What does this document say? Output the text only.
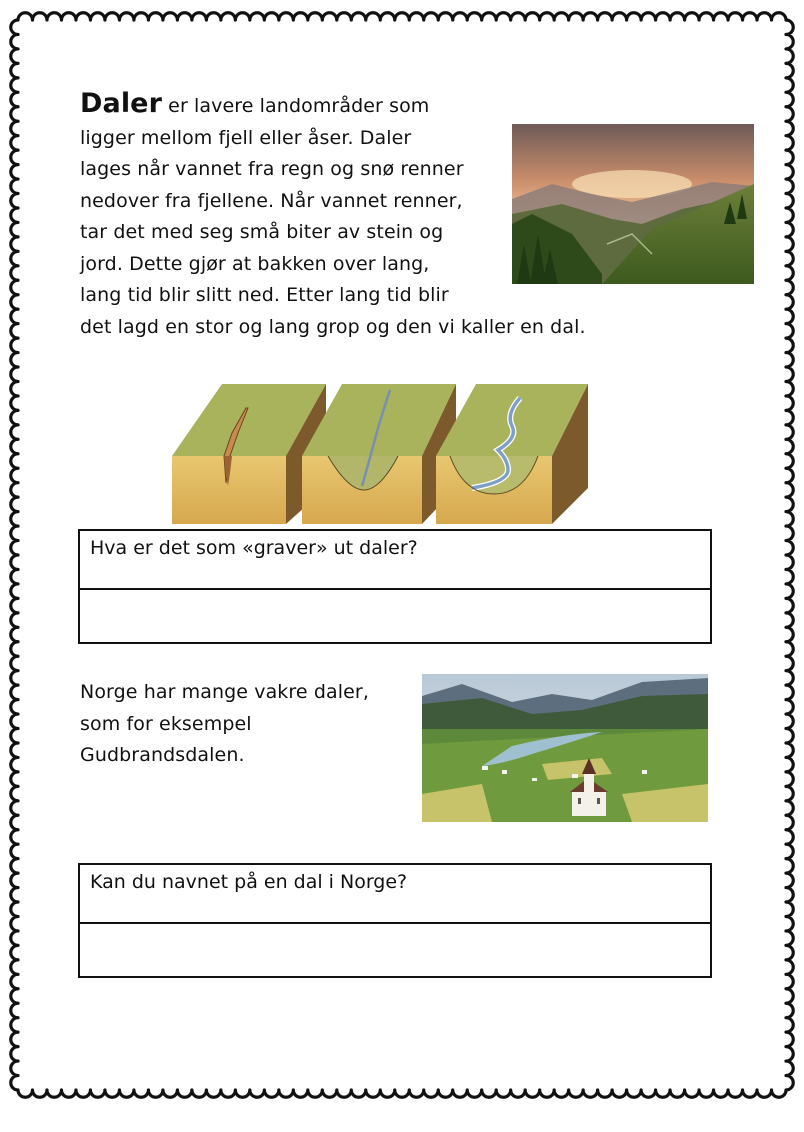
Daler er lavere landområder som
ligger mellom fjell eller åser. Daler
lages når vannet fra regn og snø renner
nedover fra fjellene. Når vannet renner,
tar det med seg små biter av stein og
jord. Dette gjør at bakken over lang,
lang tid blir slitt ned. Etter lang tid blir
det lagd en stor og lang grop og den vi kaller en dal.
Hva er det som «graver» ut daler?
Norge har mange vakre daler,
som for eksempel
Gudbrandsdalen.
Kan du navnet på en dal i Norge?
